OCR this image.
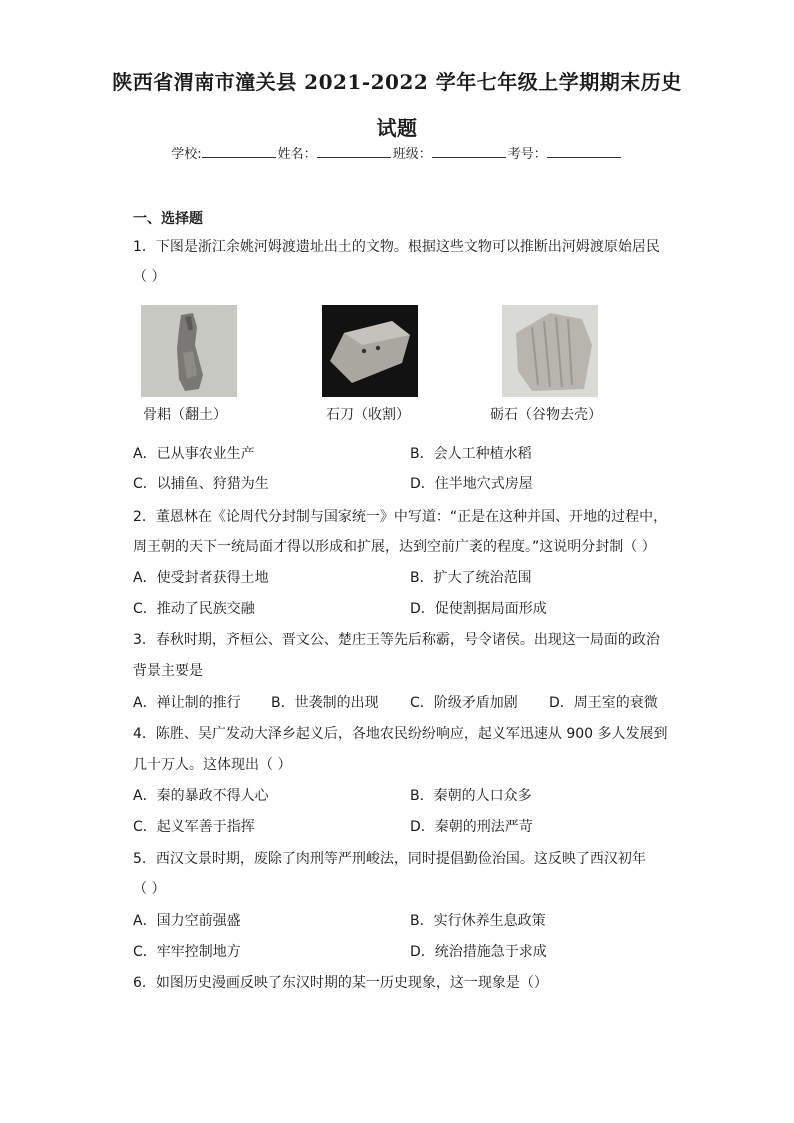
陕西省渭南市潼关县 2021-2022 学年七年级上学期期末历史
试题
学校:	姓名：	班级：	考号：
一、选择题
1．下图是浙江余姚河姆渡遗址出土的文物。根据这些文物可以推断出河姆渡原始居民
（ ）
骨耜（翻土）	石刀（收割）	砺石（谷物去壳）
A．已从事农业生产	B．会人工种植水稻
C．以捕鱼、狩猎为生	D．住半地穴式房屋
2．董恩林在《论周代分封制与国家统一》中写道：“正是在这种并国、开地的过程中，
周王朝的天下一统局面才得以形成和扩展，达到空前广袤的程度。”这说明分封制（ ）
A．使受封者获得土地	B．扩大了统治范围
C．推动了民族交融	D．促使割据局面形成
3．春秋时期，齐桓公、晋文公、楚庄王等先后称霸，号令诸侯。出现这一局面的政治
背景主要是
A．禅让制的推行 B．世袭制的出现 C．阶级矛盾加剧 D．周王室的衰微
4．陈胜、吴广发动大泽乡起义后，各地农民纷纷响应，起义军迅速从 900 多人发展到
几十万人。这体现出（ ）
A．秦的暴政不得人心	B．秦朝的人口众多
C．起义军善于指挥	D．秦朝的刑法严苛
5．西汉文景时期，废除了肉刑等严刑峻法，同时提倡勤俭治国。这反映了西汉初年
（ ）
A．国力空前强盛	B．实行休养生息政策
C．牢牢控制地方	D．统治措施急于求成
6．如图历史漫画反映了东汉时期的某一历史现象，这一现象是（）
